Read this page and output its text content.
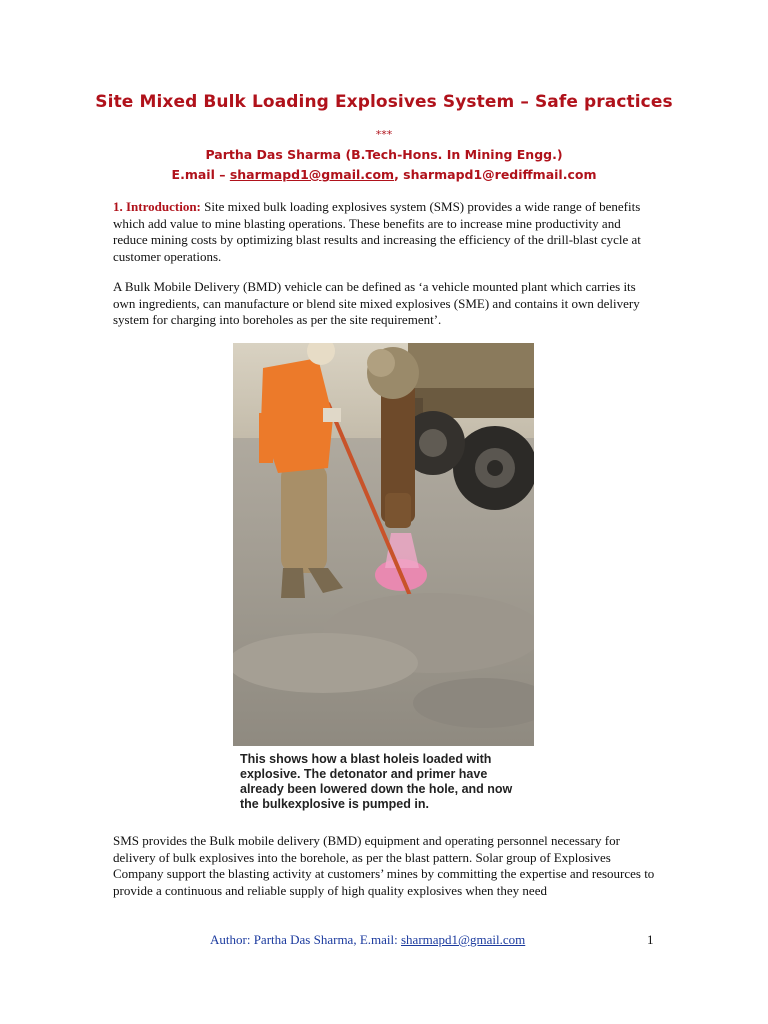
Site Mixed Bulk Loading Explosives System – Safe practices
***
Partha Das Sharma (B.Tech-Hons. In Mining Engg.)
E.mail – sharmapd1@gmail.com, sharmapd1@rediffmail.com
1. Introduction: Site mixed bulk loading explosives system (SMS) provides a wide range of benefits which add value to mine blasting operations. These benefits are to increase mine productivity and reduce mining costs by optimizing blast results and increasing the efficiency of the drill-blast cycle at customer operations.
A Bulk Mobile Delivery (BMD) vehicle can be defined as ‘a vehicle mounted plant which carries its own ingredients, can manufacture or blend site mixed explosives (SME) and contains it own delivery system for charging into boreholes as per the site requirement’.
This shows how a blast holeis loaded with explosive. The detonator and primer have already been lowered down the hole, and now the bulkexplosive is pumped in.
SMS provides the Bulk mobile delivery (BMD) equipment and operating personnel necessary for delivery of bulk explosives into the borehole, as per the blast pattern. Solar group of Explosives Company support the blasting activity at customers’ mines by committing the expertise and resources to provide a continuous and reliable supply of high quality explosives when they need
Author: Partha Das Sharma, E.mail: sharmapd1@gmail.com	1
